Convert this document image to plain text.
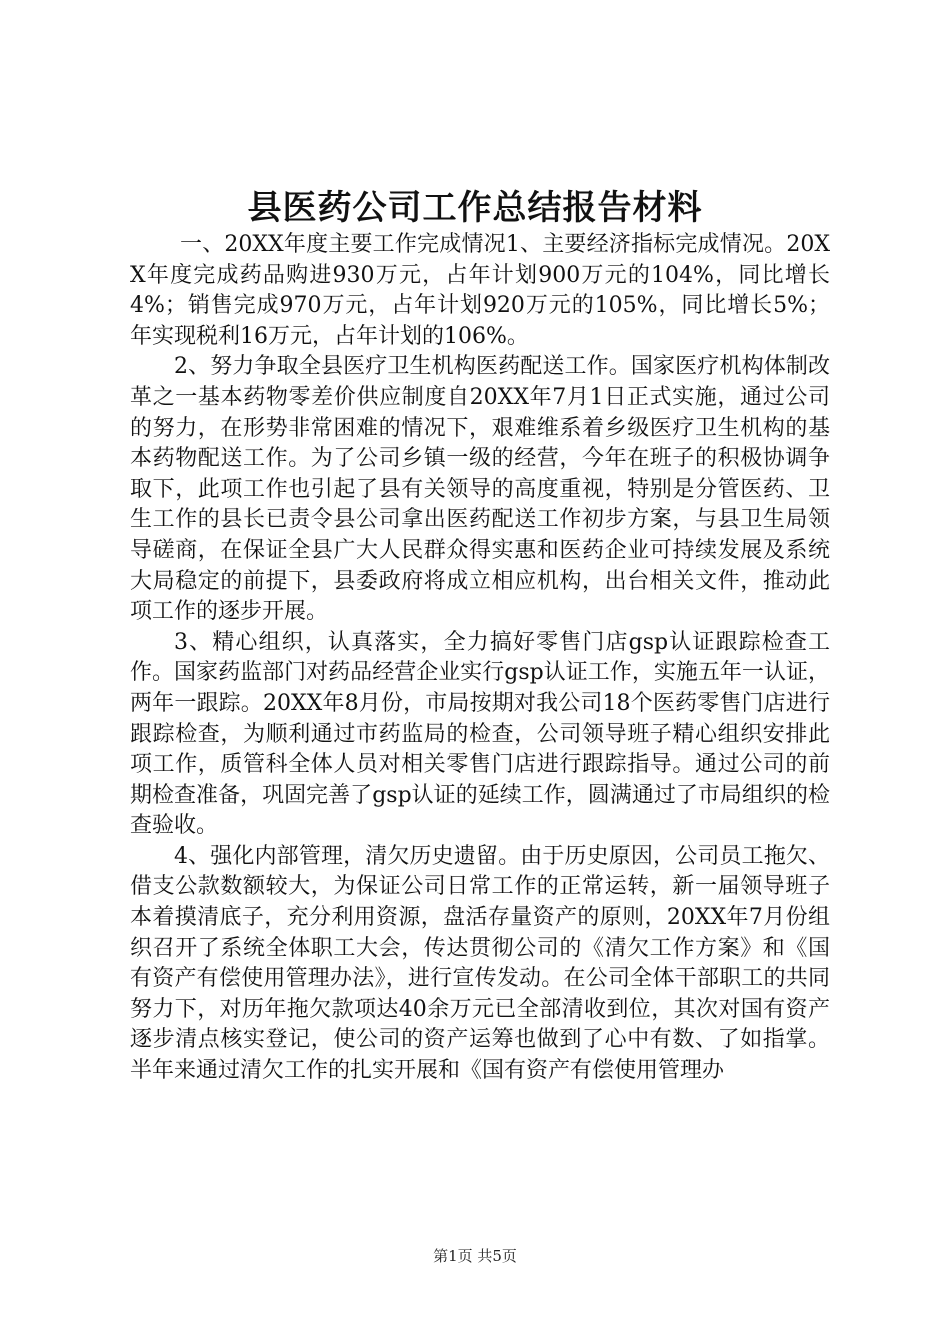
县医药公司工作总结报告材料

一、20XX年度主要工作完成情况1、主要经济指标完成情况。20XX年度完成药品购进930万元，占年计划900万元的104%，同比增长4%；销售完成970万元，占年计划920万元的105%，同比增长5%；年实现税利16万元，占年计划的106%。

2、努力争取全县医疗卫生机构医药配送工作。国家医疗机构体制改革之一基本药物零差价供应制度自20XX年7月1日正式实施，通过公司的努力，在形势非常困难的情况下，艰难维系着乡级医疗卫生机构的基本药物配送工作。为了公司乡镇一级的经营，今年在班子的积极协调争取下，此项工作也引起了县有关领导的高度重视，特别是分管医药、卫生工作的县长已责令县公司拿出医药配送工作初步方案，与县卫生局领导磋商，在保证全县广大人民群众得实惠和医药企业可持续发展及系统大局稳定的前提下，县委政府将成立相应机构，出台相关文件，推动此项工作的逐步开展。

3、精心组织，认真落实，全力搞好零售门店gsp认证跟踪检查工作。国家药监部门对药品经营企业实行gsp认证工作，实施五年一认证，两年一跟踪。20XX年8月份，市局按期对我公司18个医药零售门店进行跟踪检查，为顺利通过市药监局的检查，公司领导班子精心组织安排此项工作，质管科全体人员对相关零售门店进行跟踪指导。通过公司的前期检查准备，巩固完善了gsp认证的延续工作，圆满通过了市局组织的检查验收。

4、强化内部管理，清欠历史遗留。由于历史原因，公司员工拖欠、借支公款数额较大，为保证公司日常工作的正常运转，新一届领导班子本着摸清底子，充分利用资源，盘活存量资产的原则，20XX年7月份组织召开了系统全体职工大会，传达贯彻公司的《清欠工作方案》和《国有资产有偿使用管理办法》，进行宣传发动。在公司全体干部职工的共同努力下，对历年拖欠款项达40余万元已全部清收到位，其次对国有资产逐步清点核实登记，使公司的资产运筹也做到了心中有数、了如指掌。半年来通过清欠工作的扎实开展和《国有资产有偿使用管理办

第1页 共5页
